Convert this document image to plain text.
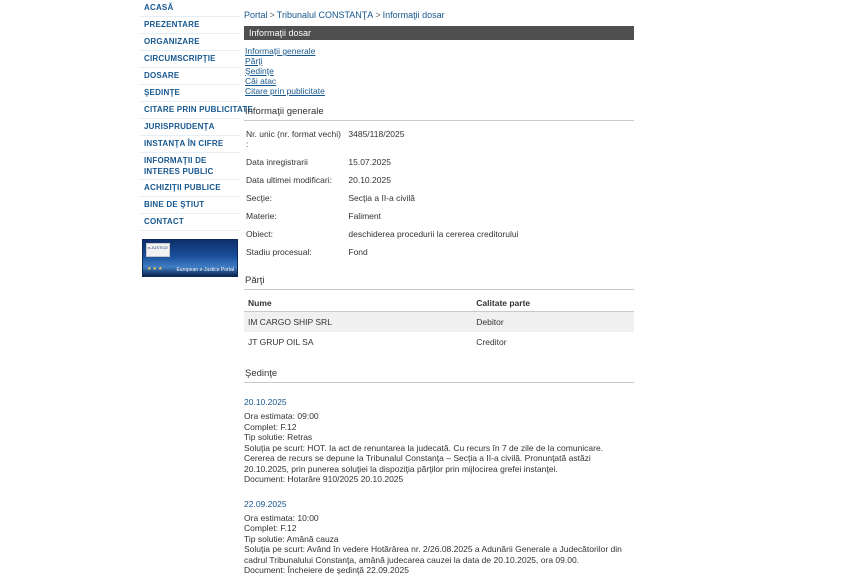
ACASĂ
PREZENTARE
ORGANIZARE
CIRCUMSCRIPŢIE
DOSARE
ŞEDINŢE
CITARE PRIN PUBLICITATE
JURISPRUDENŢA
INSTANŢA ÎN CIFRE
INFORMAŢII DE INTERES PUBLIC
ACHIZIŢII PUBLICE
BINE DE ŞTIUT
CONTACT
e-JUSTICE
★★★	European e-Justice Portal
Portal > Tribunalul CONSTANŢA > Informaţii dosar
Informaţii dosar
Informaţii generale
Părţi
Şedinţe
Căi atac
Citare prin publicitate
Informaţii generale
Nr. unic (nr. format vechi) :	3485/118/2025
Data inregistrarii	15.07.2025
Data ultimei modificari:	20.10.2025
Secţie:	Secţia a II-a civilă
Materie:	Faliment
Obiect:	deschiderea procedurii la cererea creditorului
Stadiu procesual:	Fond
Părţi
Nume	Calitate parte
IM CARGO SHIP SRL	Debitor
JT GRUP OIL SA	Creditor
Şedinţe
20.10.2025
Ora estimata: 09:00
Complet: F.12
Tip solutie: Retras
Soluţia pe scurt: HOT. Ia act de renuntarea la judecată. Cu recurs în 7 de zile de la comunicare. Cererea de recurs se depune la Tribunalul Constanţa – Secţia a II-a civilă. Pronunţată astăzi 20.10.2025, prin punerea soluţiei la dispoziţia părţilor prin mijlocirea grefei instanţei.
Document: Hotarâre 910/2025 20.10.2025
22.09.2025
Ora estimata: 10:00
Complet: F.12
Tip solutie: Amână cauza
Soluţia pe scurt: Având în vedere Hotărârea nr. 2/26.08.2025 a Adunării Generale a Judecătorilor din cadrul Tribunalului Constanţa, amână judecarea cauzei la data de 20.10.2025, ora 09.00.
Document: Încheiere de şedinţă 22.09.2025
